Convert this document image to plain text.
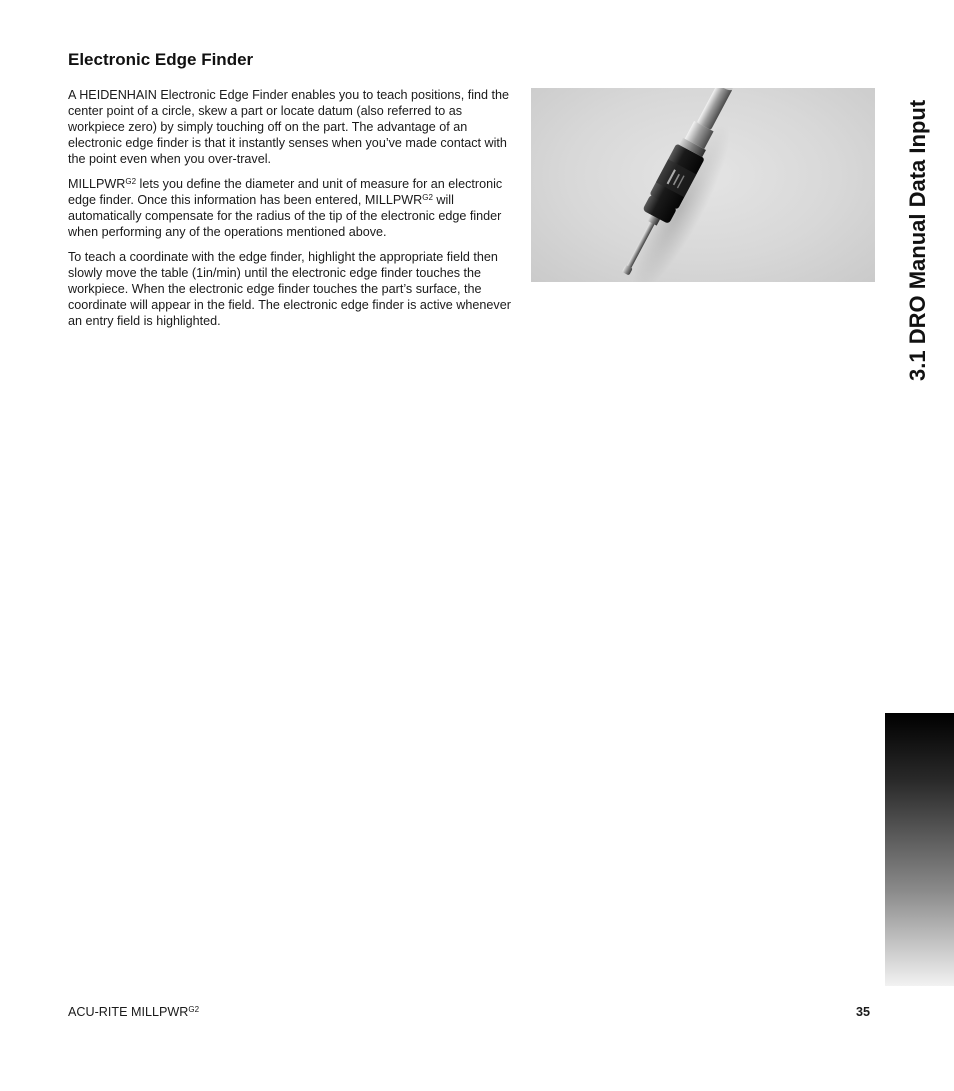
Electronic Edge Finder

A HEIDENHAIN Electronic Edge Finder enables you to teach positions, find the center point of a circle, skew a part or locate datum (also referred to as workpiece zero) by simply touching off on the part. The advantage of an electronic edge finder is that it instantly senses when you’ve made contact with the point even when you over-travel.

$MILLPWR^{G2}$ lets you define the diameter and unit of measure for an electronic edge finder. Once this information has been entered, $MILLPWR^{G2}$ will automatically compensate for the radius of the tip of the electronic edge finder when performing any of the operations mentioned above.

To teach a coordinate with the edge finder, highlight the appropriate field then slowly move the table (1in/min) until the electronic edge finder touches the workpiece. When the electronic edge finder touches the part’s surface, the coordinate will appear in the field. The electronic edge finder is active whenever an entry field is highlighted.	3.1 DRO Manual Data Input
ACU-RITE $MILLPWR^{G2}$	35
